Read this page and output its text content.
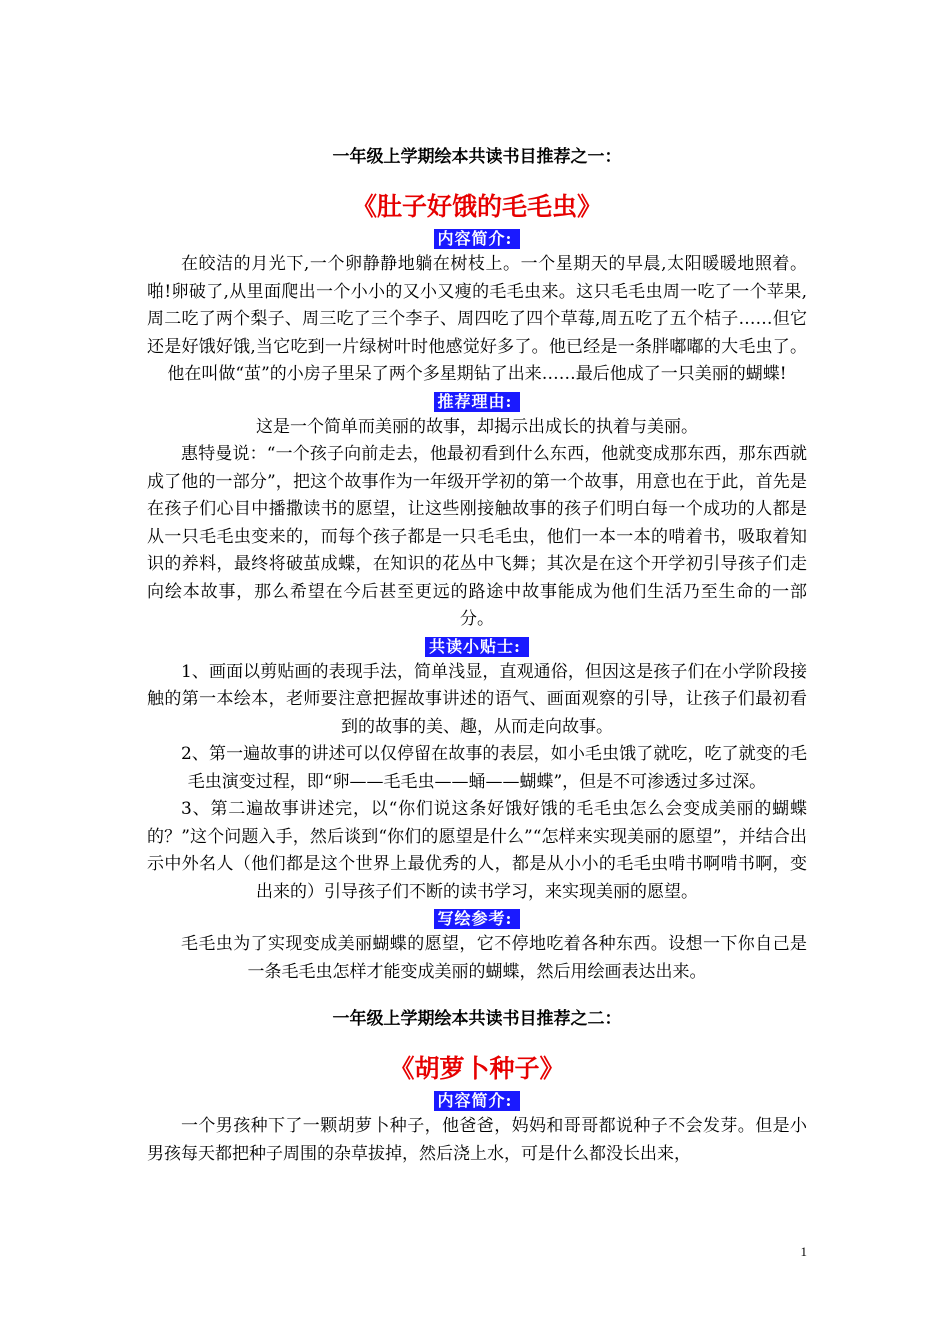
一年级上学期绘本共读书目推荐之一：
《肚子好饿的毛毛虫》
内容简介:

在皎洁的月光下,一个卵静静地躺在树枝上。一个星期天的早晨,太阳暖暖地照着。啪!卵破了,从里面爬出一个小小的又小又瘦的毛毛虫来。这只毛毛虫周一吃了一个苹果,周二吃了两个梨子、周三吃了三个李子、周四吃了四个草莓,周五吃了五个桔子……但它还是好饿好饿,当它吃到一片绿树叶时他感觉好多了。他已经是一条胖嘟嘟的大毛虫了。他在叫做“茧”的小房子里呆了两个多星期钻了出来……最后他成了一只美丽的蝴蝶!

推荐理由:

这是一个简单而美丽的故事，却揭示出成长的执着与美丽。

惠特曼说：“一个孩子向前走去，他最初看到什么东西，他就变成那东西，那东西就成了他的一部分”，把这个故事作为一年级开学初的第一个故事，用意也在于此，首先是在孩子们心目中播撒读书的愿望，让这些刚接触故事的孩子们明白每一个成功的人都是从一只毛毛虫变来的，而每个孩子都是一只毛毛虫，他们一本一本的啃着书，吸取着知识的养料，最终将破茧成蝶，在知识的花丛中飞舞；其次是在这个开学初引导孩子们走向绘本故事，那么希望在今后甚至更远的路途中故事能成为他们生活乃至生命的一部分。

共读小贴士:

1、画面以剪贴画的表现手法，简单浅显，直观通俗，但因这是孩子们在小学阶段接触的第一本绘本，老师要注意把握故事讲述的语气、画面观察的引导，让孩子们最初看到的故事的美、趣，从而走向故事。

2、第一遍故事的讲述可以仅停留在故事的表层，如小毛虫饿了就吃，吃了就变的毛毛虫演变过程，即“卵——毛毛虫——蛹——蝴蝶”，但是不可渗透过多过深。

3、第二遍故事讲述完，以“你们说这条好饿好饿的毛毛虫怎么会变成美丽的蝴蝶的？”这个问题入手，然后谈到“你们的愿望是什么”“怎样来实现美丽的愿望”，并结合出示中外名人（他们都是这个世界上最优秀的人，都是从小小的毛毛虫啃书啊啃书啊，变出来的）引导孩子们不断的读书学习，来实现美丽的愿望。

写绘参考:

毛毛虫为了实现变成美丽蝴蝶的愿望，它不停地吃着各种东西。设想一下你自己是一条毛毛虫怎样才能变成美丽的蝴蝶，然后用绘画表达出来。

一年级上学期绘本共读书目推荐之二：
《胡萝卜种子》
内容简介:

一个男孩种下了一颗胡萝卜种子，他爸爸，妈妈和哥哥都说种子不会发芽。但是小男孩每天都把种子周围的杂草拔掉，然后浇上水，可是什么都没长出来，

1
